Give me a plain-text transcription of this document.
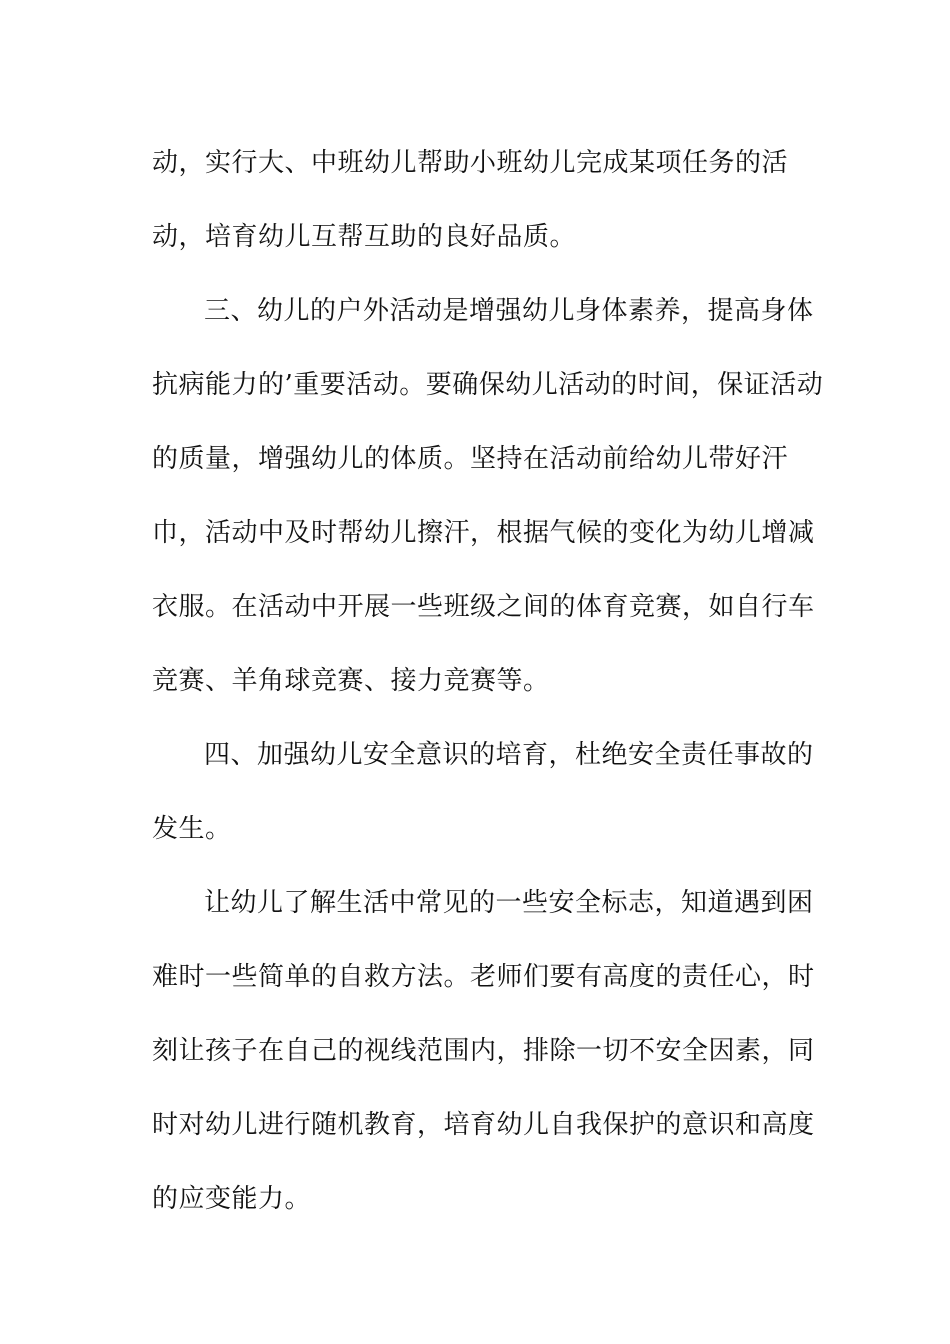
动，实行大、中班幼儿帮助小班幼儿完成某项任务的活
动，培育幼儿互帮互助的良好品质。
三、幼儿的户外活动是增强幼儿身体素养，提高身体
抗病能力的’重要活动。要确保幼儿活动的时间，保证活动
的质量，增强幼儿的体质。坚持在活动前给幼儿带好汗
巾，活动中及时帮幼儿擦汗，根据气候的变化为幼儿增减
衣服。在活动中开展一些班级之间的体育竞赛，如自行车
竞赛、羊角球竞赛、接力竞赛等。
四、加强幼儿安全意识的培育，杜绝安全责任事故的
发生。
让幼儿了解生活中常见的一些安全标志，知道遇到困
难时一些简单的自救方法。老师们要有高度的责任心，时
刻让孩子在自己的视线范围内，排除一切不安全因素，同
时对幼儿进行随机教育，培育幼儿自我保护的意识和高度
的应变能力。
